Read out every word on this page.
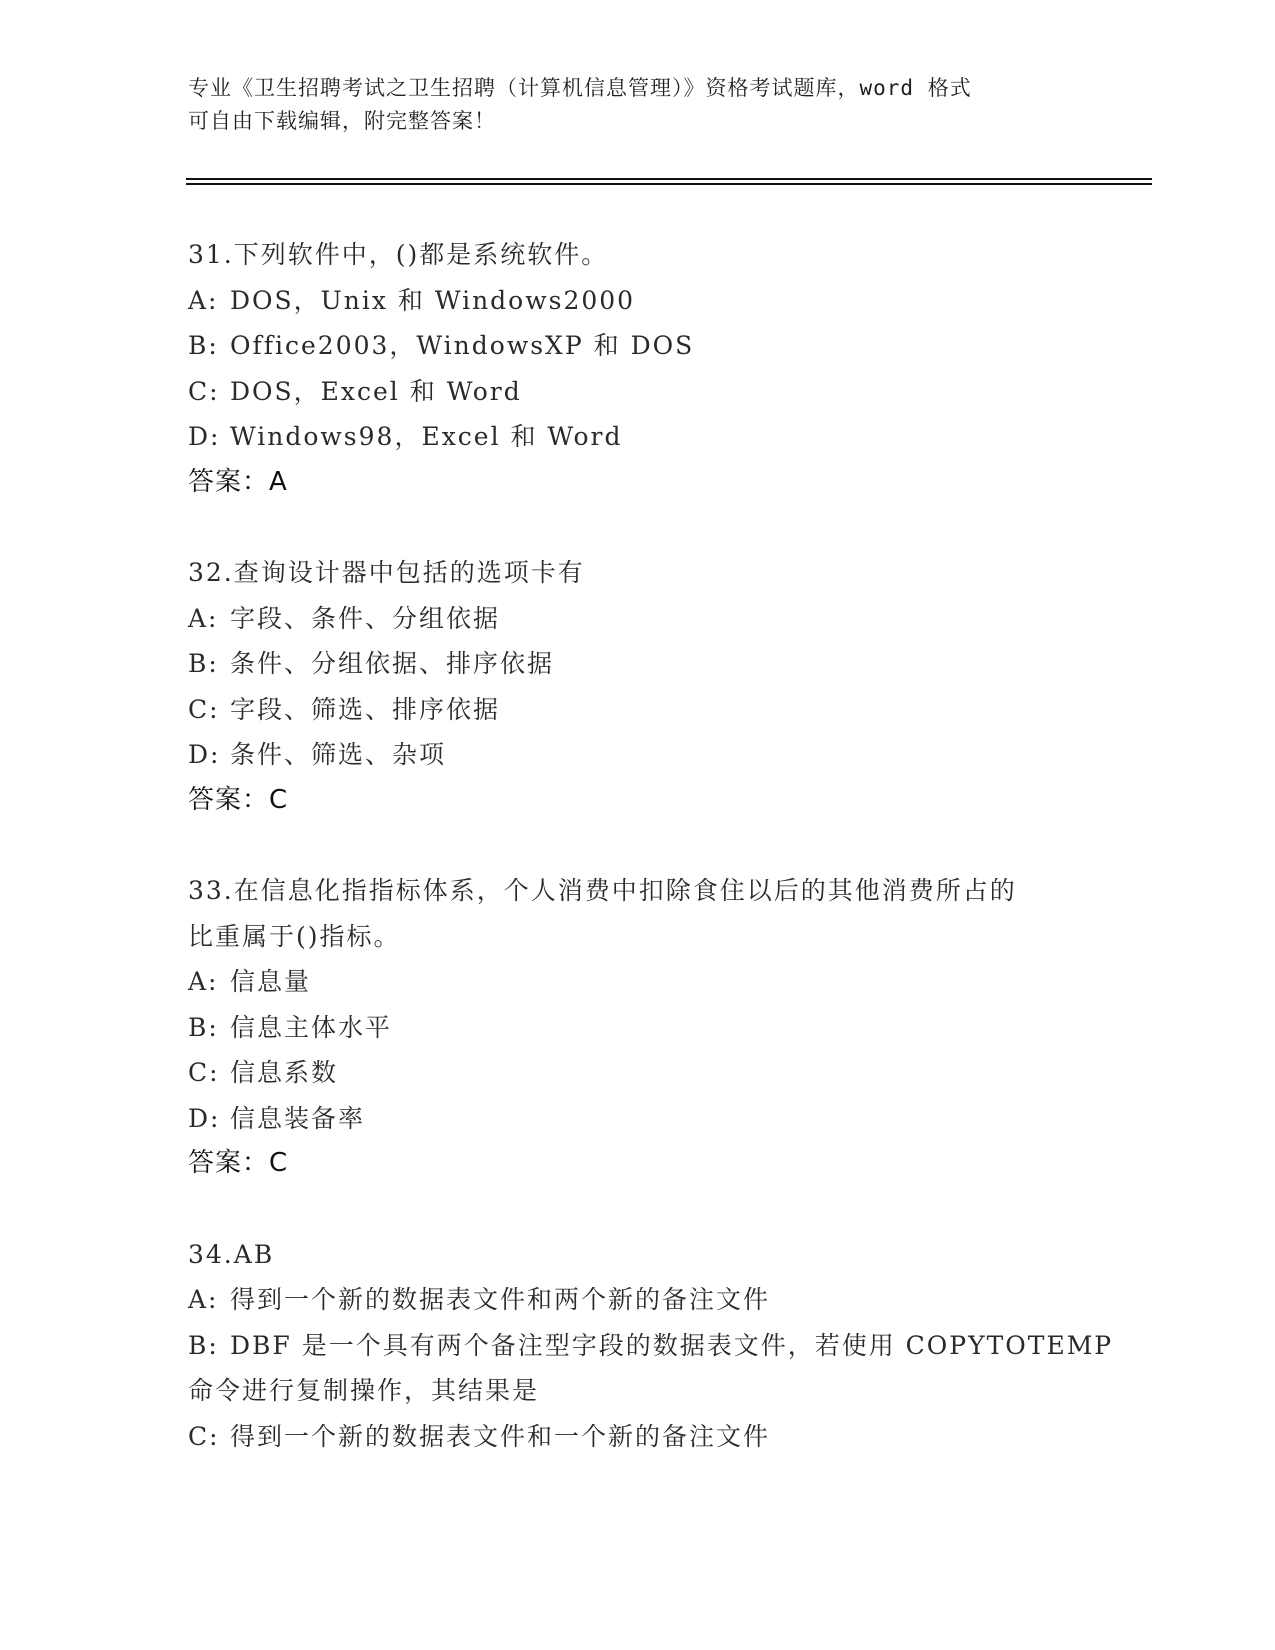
专业《卫生招聘考试之卫生招聘（计算机信息管理）》资格考试题库，word 格式
可自由下载编辑，附完整答案！
31.下列软件中，()都是系统软件。
A: DOS，Unix 和 Windows2000
B: Office2003，WindowsXP 和 DOS
C: DOS，Excel 和 Word
D: Windows98，Excel 和 Word
答案：A
32.查询设计器中包括的选项卡有
A: 字段、条件、分组依据
B: 条件、分组依据、排序依据
C: 字段、筛选、排序依据
D: 条件、筛选、杂项
答案：C
33.在信息化指指标体系，个人消费中扣除食住以后的其他消费所占的
比重属于()指标。
A: 信息量
B: 信息主体水平
C: 信息系数
D: 信息装备率
答案：C
34.AB
A: 得到一个新的数据表文件和两个新的备注文件
B: DBF 是一个具有两个备注型字段的数据表文件，若使用 COPYTOTEMP
命令进行复制操作，其结果是
C: 得到一个新的数据表文件和一个新的备注文件
